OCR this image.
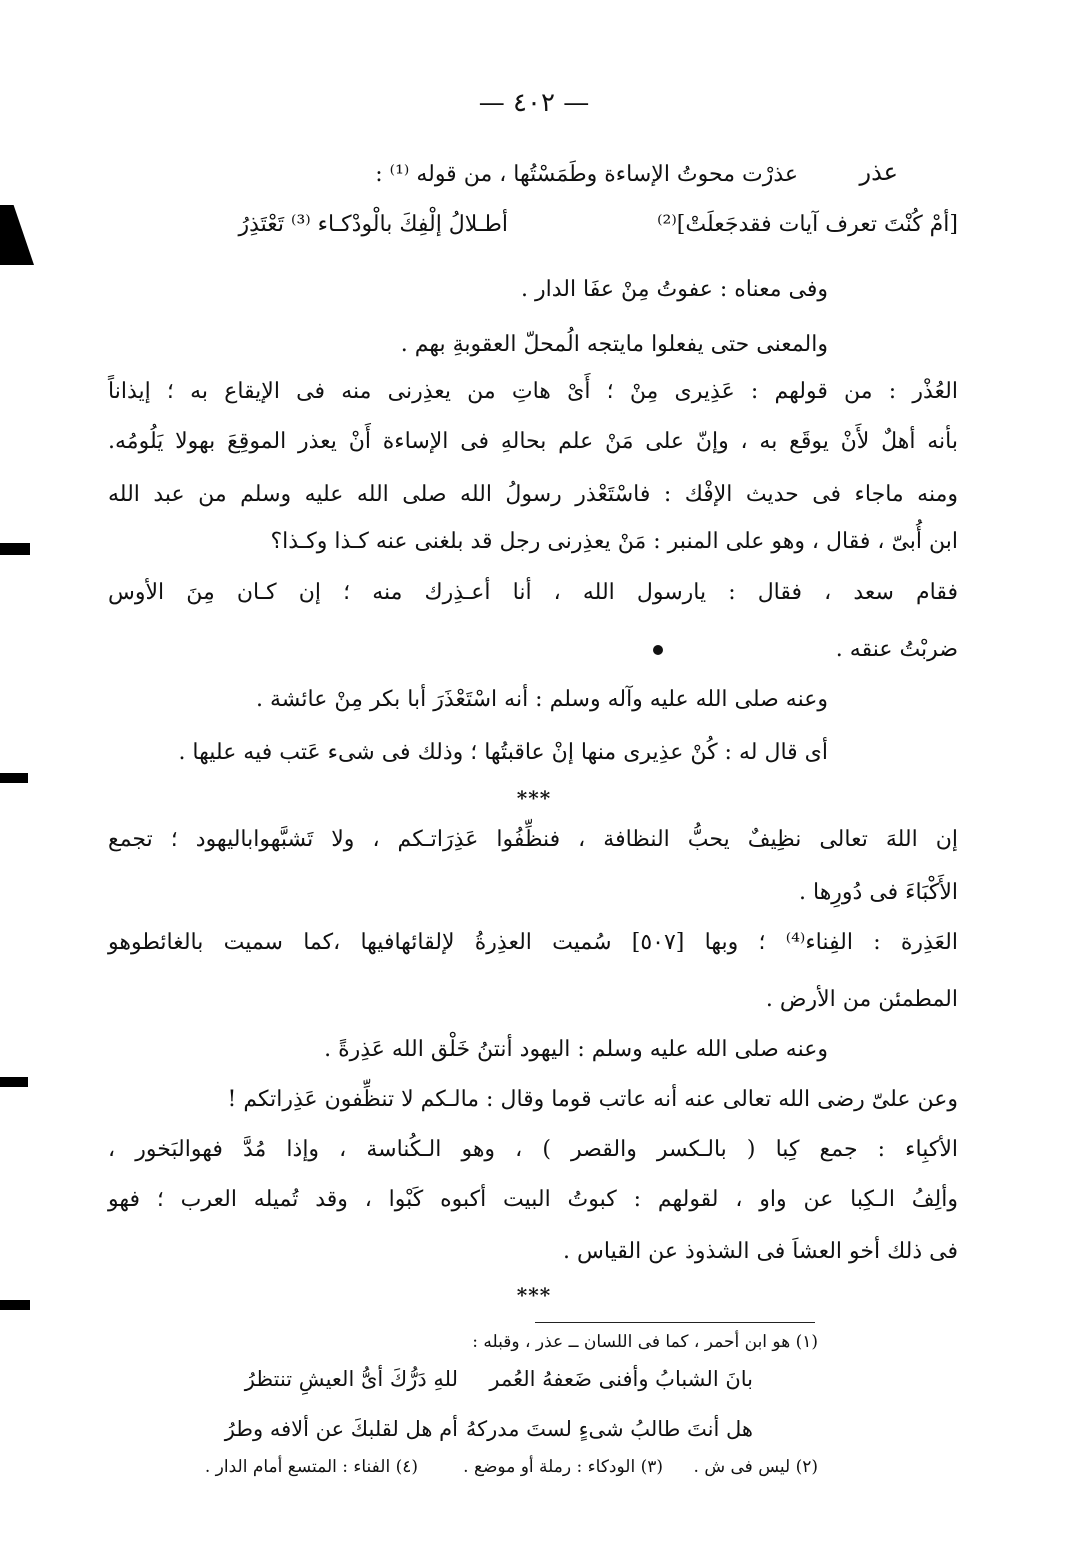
— ٤٠٢ —
عذر
عذرْت محوتُ الإساءة وطَمَسْتُها ، من قوله ⁽¹⁾ :
[أمْ كُنْتَ تعرف آيات فقدجَعلَتْ]⁽²⁾
أطـلالُ إلْفِكَ بالْودْكـاء ⁽³⁾ تَعْتَذِرُ
وفى معناه : عفوتُ مِنْ عفَا الدار .
والمعنى حتى يفعلوا مايتجه الُمحلّ العقوبةِ بهم .
العُذْر : من قولهم : عَذِيرى مِنْ ؛ أَىْ هاتِ من يعذِرنى منه فى الإيقاع به ؛ إيذاناً
بأنه أهلٌ لأَنْ يوقَع به ، وإنّ على مَنْ علم بحالهِ فى الإساءة أَنْ يعذر الموقِعَ بهولا يَلُومُه.
ومنه ماجاء فى حديث الإفْك : فاسْتَعْذر رسولُ الله صلى الله عليه وسلم من عبد الله
ابن أُبىّ ، فقال ، وهو على المنبر : مَنْ يعذِرنى رجل قد بلغنى عنه كـذا وكـذا؟
فقام سعد ، فقال : يارسول الله ، أنا أعـذِرك منه ؛ إن كـان مِنَ الأوس
ضربْتُ عنقه .
وعنه صلى الله عليه وآله وسلم : أنه اسْتَعْذَرَ أبا بكر مِنْ عائشة .
أى قال له : كُنْ عذِيرى منها إنْ عاقبتُها ؛ وذلك فى شىء عَتب فيه عليها .
***
إن اللهَ تعالى نظِيفٌ يحبُّ النظافة ، فنظِّفُوا عَذِرَاتـكم ، ولا تَشبَّهواباليهود ؛ تجمع
الأَكْبَاءَ فى دُورِها .
العَذِرة : الفِناء⁽⁴⁾ ؛ وبها [٥٠٧] سُميت العذِرةُ لإلقائهافيها ،كما سميت بالغائطوهو
المطمئن من الأرض .
وعنه صلى الله عليه وسلم : اليهود أنتنُ خَلْق الله عَذِرةً .
وعن علىّ رضى الله تعالى عنه أنه عاتب قوما وقال : مالـكم لا تنظِّفون عَذِراتكم !
الأكبِاء : جمع كِبا ( بالـكسر والقصر ) ، وهو الـكُناسة ، وإذا مُدَّ فهوالبَخور ،
وألِفُ الـكِبا عن واو ، لقولهم : كبوتُ البيت أكبوه كَبْوا ، وقد تُميله العرب ؛ فهو
فى ذلك أخو العشاَ فى الشذوذ عن القياس .
***
(١) هو ابن أحمر ، كما فى اللسان ــ عذر ، وقبله :
بانَ الشبابُ وأفنى ضَعفهُ العُمر
للهِ دَرُّكَ أىُّ العيشِ تنتظرُ
هل أنتَ طالبُ شىءٍ لستَ مدركهُ
أم هل لقلبكَ عن ألافه وطرُ
(٢) ليس فى ش .
(٣) الودكاء : رملة أو موضع .
(٤) الفناء : المتسع أمام الدار .
